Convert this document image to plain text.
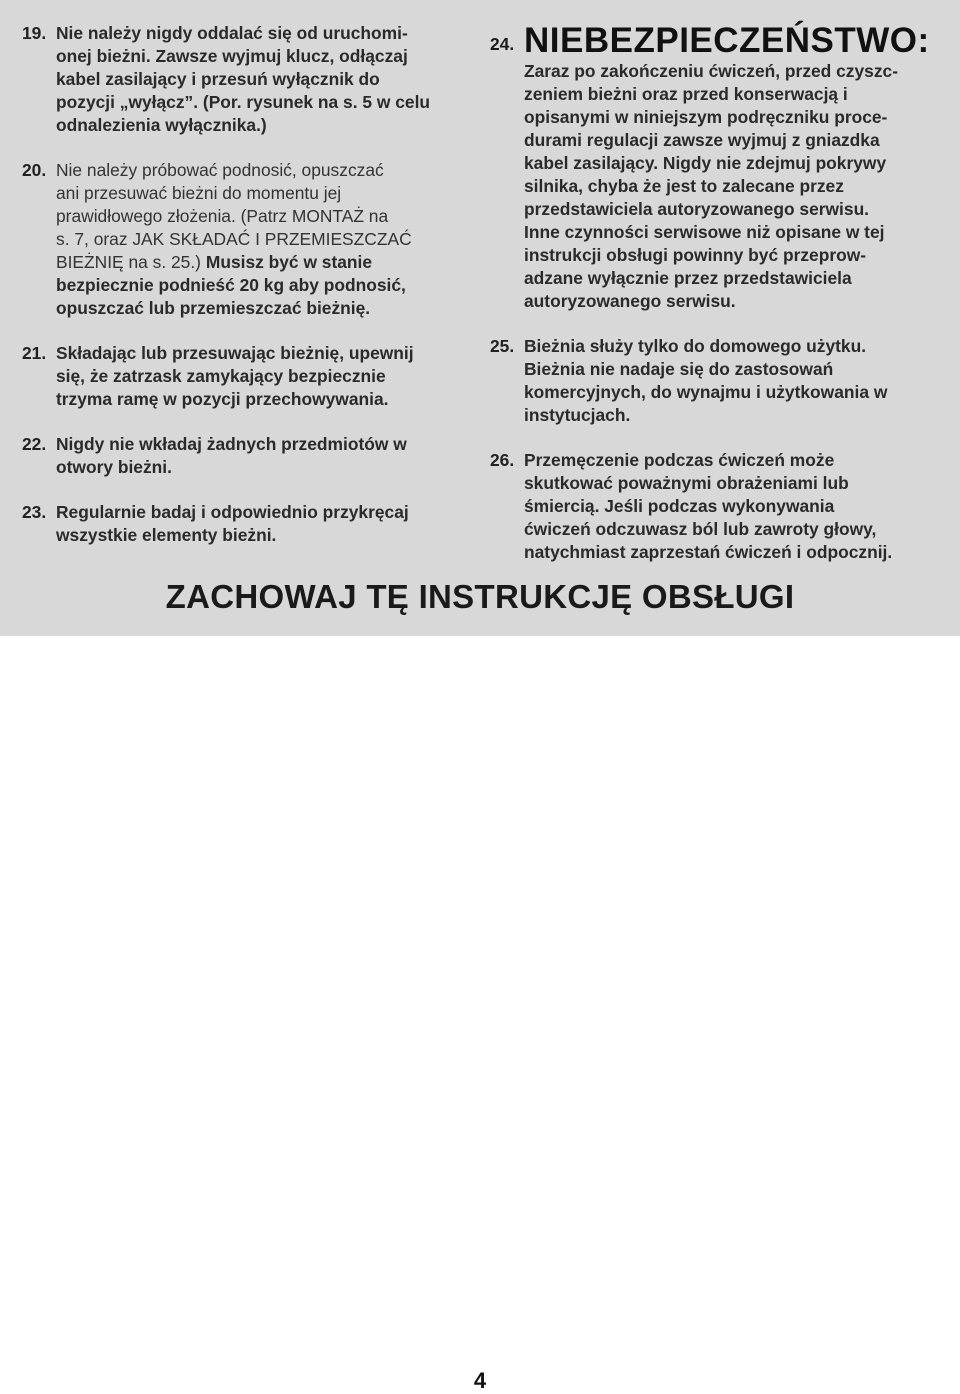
19. Nie należy nigdy oddalać się od uruchomi-
onej bieżni. Zawsze wyjmuj klucz, odłączaj
kabel zasilający i przesuń wyłącznik do
pozycji „wyłącz”. (Por. rysunek na s. 5 w celu
odnalezienia wyłącznika.)
20. Nie należy próbować podnosić, opuszczać
ani przesuwać bieżni do momentu jej
prawidłowego złożenia. (Patrz MONTAŻ na
s. 7, oraz JAK SKŁADAĆ I PRZEMIESZCZAĆ
BIEŻNIĘ na s. 25.) Musisz być w stanie
bezpiecznie podnieść 20 kg aby podnosić,
opuszczać lub przemieszczać bieżnię.
21. Składając lub przesuwając bieżnię, upewnij
się, że zatrzask zamykający bezpiecznie
trzyma ramę w pozycji przechowywania.
22. Nigdy nie wkładaj żadnych przedmiotów w
otwory bieżni.
23. Regularnie badaj i odpowiednio przykręcaj
wszystkie elementy bieżni.
24. NIEBEZPIECZEŃSTWO:
Zaraz po zakończeniu ćwiczeń, przed czyszc-
zeniem bieżni oraz przed konserwacją i
opisanymi w niniejszym podręczniku proce-
durami regulacji zawsze wyjmuj z gniazdka
kabel zasilający. Nigdy nie zdejmuj pokrywy
silnika, chyba że jest to zalecane przez
przedstawiciela autoryzowanego serwisu.
Inne czynności serwisowe niż opisane w tej
instrukcji obsługi powinny być przeprow-
adzane wyłącznie przez przedstawiciela
autoryzowanego serwisu.
25. Bieżnia służy tylko do domowego użytku.
Bieżnia nie nadaje się do zastosowań
komercyjnych, do wynajmu i użytkowania w
instytucjach.
26. Przemęczenie podczas ćwiczeń może
skutkować poważnymi obrażeniami lub
śmiercią. Jeśli podczas wykonywania
ćwiczeń odczuwasz ból lub zawroty głowy,
natychmiast zaprzestań ćwiczeń i odpocznij.
ZACHOWAJ TĘ INSTRUKCJĘ OBSŁUGI
4
